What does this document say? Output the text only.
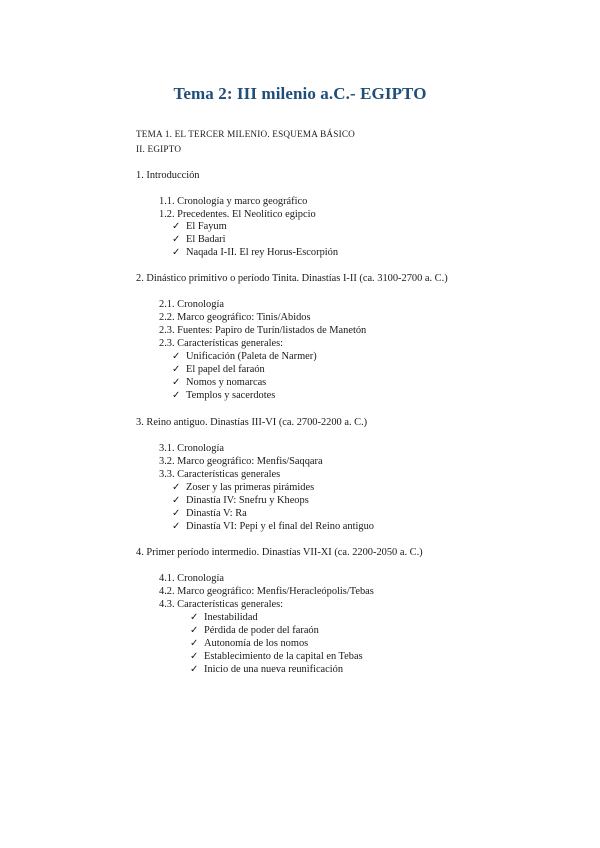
Tema 2: III milenio a.C.- EGIPTO
TEMA 1. EL TERCER MILENIO. ESQUEMA BÁSICO
II. EGIPTO
1. Introducción
1.1. Cronología y marco geográfico
1.2. Precedentes. El Neolítico egipcio
✓ El Fayum
✓ El Badari
✓ Naqada I-II. El rey Horus-Escorpión
2. Dinástico primitivo o período Tinita. Dinastías I-II (ca. 3100-2700 a. C.)
2.1. Cronología
2.2. Marco geográfico: Tinis/Abidos
2.3. Fuentes: Papiro de Turín/listados de Manetón
2.3. Características generales:
✓ Unificación (Paleta de Narmer)
✓ El papel del faraón
✓ Nomos y nomarcas
✓ Templos y sacerdotes
3. Reino antiguo. Dinastías III-VI (ca. 2700-2200 a. C.)
3.1. Cronología
3.2. Marco geográfico: Menfis/Saqqara
3.3. Características generales
✓ Zoser y las primeras pirámides
✓ Dinastía IV: Snefru y Kheops
✓ Dinastía V: Ra
✓ Dinastía VI: Pepi y el final del Reino antiguo
4. Primer período intermedio. Dinastías VII-XI (ca. 2200-2050 a. C.)
4.1. Cronología
4.2. Marco geográfico: Menfis/Heracleópolis/Tebas
4.3. Características generales:
✓ Inestabilidad
✓ Pérdida de poder del faraón
✓ Autonomía de los nomos
✓ Establecimiento de la capital en Tebas
✓ Inicio de una nueva reunificación
